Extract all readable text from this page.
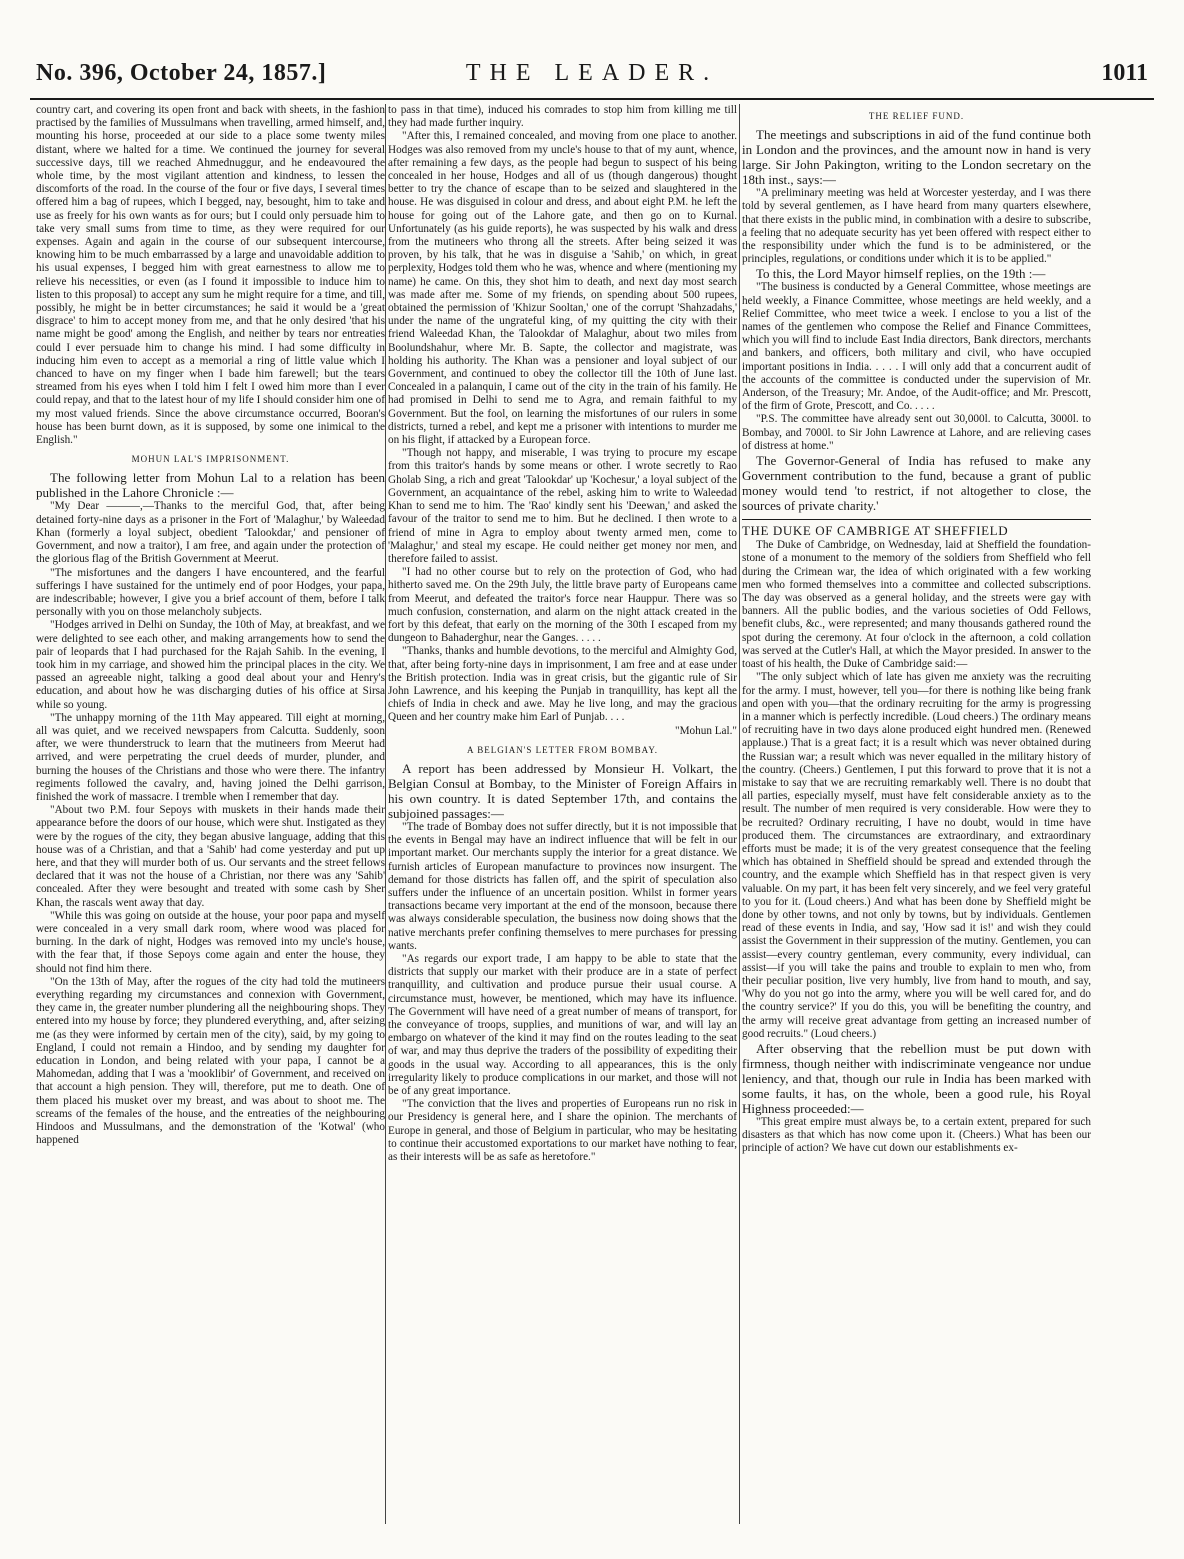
No. 396, October 24, 1857.]	THE LEADER.	1011

country cart, and covering its open front and back with sheets, in the fashion practised by the families of Mussulmans when travelling, armed himself, and, mounting his horse, proceeded at our side to a place some twenty miles distant, where we halted for a time. We continued the journey for several successive days, till we reached Ahmednuggur, and he endeavoured the whole time, by the most vigilant attention and kindness, to lessen the discomforts of the road. In the course of the four or five days, I several times offered him a bag of rupees, which I begged, nay, besought, him to take and use as freely for his own wants as for ours; but I could only persuade him to take very small sums from time to time, as they were required for our expenses. Again and again in the course of our subsequent intercourse, knowing him to be much embarrassed by a large and unavoidable addition to his usual expenses, I begged him with great earnestness to allow me to relieve his necessities, or even (as I found it impossible to induce him to listen to this proposal) to accept any sum he might require for a time, and till, possibly, he might be in better circumstances; he said it would be a 'great disgrace' to him to accept money from me, and that he only desired 'that his name might be good' among the English, and neither by tears nor entreaties could I ever persuade him to change his mind. I had some difficulty in inducing him even to accept as a memorial a ring of little value which I chanced to have on my finger when I bade him farewell; but the tears streamed from his eyes when I told him I felt I owed him more than I ever could repay, and that to the latest hour of my life I should consider him one of my most valued friends. Since the above circumstance occurred, Booran's house has been burnt down, as it is supposed, by some one inimical to the English."

MOHUN LAL'S IMPRISONMENT.

The following letter from Mohun Lal to a relation has been published in the Lahore Chronicle :—

"My Dear ———,—Thanks to the merciful God, that, after being detained forty-nine days as a prisoner in the Fort of 'Malaghur,' by Waleedad Khan (formerly a loyal subject, obedient 'Talookdar,' and pensioner of Government, and now a traitor), I am free, and again under the protection of the glorious flag of the British Government at Meerut.

"The misfortunes and the dangers I have encountered, and the fearful sufferings I have sustained for the untimely end of poor Hodges, your papa, are indescribable; however, I give you a brief account of them, before I talk personally with you on those melancholy subjects.

"Hodges arrived in Delhi on Sunday, the 10th of May, at breakfast, and we were delighted to see each other, and making arrangements how to send the pair of leopards that I had purchased for the Rajah Sahib. In the evening, I took him in my carriage, and showed him the principal places in the city. We passed an agreeable night, talking a good deal about your and Henry's education, and about how he was discharging duties of his office at Sirsa while so young.

"The unhappy morning of the 11th May appeared. Till eight at morning, all was quiet, and we received newspapers from Calcutta. Suddenly, soon after, we were thunderstruck to learn that the mutineers from Meerut had arrived, and were perpetrating the cruel deeds of murder, plunder, and burning the houses of the Christians and those who were there. The infantry regiments followed the cavalry, and, having joined the Delhi garrison, finished the work of massacre. I tremble when I remember that day.

"About two P.M. four Sepoys with muskets in their hands made their appearance before the doors of our house, which were shut. Instigated as they were by the rogues of the city, they began abusive language, adding that this house was of a Christian, and that a 'Sahib' had come yesterday and put up here, and that they will murder both of us. Our servants and the street fellows declared that it was not the house of a Christian, nor there was any 'Sahib' concealed. After they were besought and treated with some cash by Sher Khan, the rascals went away that day.

"While this was going on outside at the house, your poor papa and myself were concealed in a very small dark room, where wood was placed for burning. In the dark of night, Hodges was removed into my uncle's house, with the fear that, if those Sepoys come again and enter the house, they should not find him there.

"On the 13th of May, after the rogues of the city had told the mutineers everything regarding my circumstances and connexion with Government, they came in, the greater number plundering all the neighbouring shops. They entered into my house by force; they plundered everything, and, after seizing me (as they were informed by certain men of the city), said, by my going to England, I could not remain a Hindoo, and by sending my daughter for education in London, and being related with your papa, I cannot be a Mahomedan, adding that I was a 'mooklibir' of Government, and received on that account a high pension. They will, therefore, put me to death. One of them placed his musket over my breast, and was about to shoot me. The screams of the females of the house, and the entreaties of the neighbouring Hindoos and Mussulmans, and the demonstration of the 'Kotwal' (who happened

to pass in that time), induced his comrades to stop him from killing me till they had made further inquiry.

"After this, I remained concealed, and moving from one place to another. Hodges was also removed from my uncle's house to that of my aunt, whence, after remaining a few days, as the people had begun to suspect of his being concealed in her house, Hodges and all of us (though dangerous) thought better to try the chance of escape than to be seized and slaughtered in the house. He was disguised in colour and dress, and about eight P.M. he left the house for going out of the Lahore gate, and then go on to Kurnal. Unfortunately (as his guide reports), he was suspected by his walk and dress from the mutineers who throng all the streets. After being seized it was proven, by his talk, that he was in disguise a 'Sahib,' on which, in great perplexity, Hodges told them who he was, whence and where (mentioning my name) he came. On this, they shot him to death, and next day most search was made after me. Some of my friends, on spending about 500 rupees, obtained the permission of 'Khizur Sooltan,' one of the corrupt 'Shahzadahs,' under the name of the ungrateful king, of my quitting the city with their friend Waleedad Khan, the Talookdar of Malaghur, about two miles from Boolundshahur, where Mr. B. Sapte, the collector and magistrate, was holding his authority. The Khan was a pensioner and loyal subject of our Government, and continued to obey the collector till the 10th of June last. Concealed in a palanquin, I came out of the city in the train of his family. He had promised in Delhi to send me to Agra, and remain faithful to my Government. But the fool, on learning the misfortunes of our rulers in some districts, turned a rebel, and kept me a prisoner with intentions to murder me on his flight, if attacked by a European force.

"Though not happy, and miserable, I was trying to procure my escape from this traitor's hands by some means or other. I wrote secretly to Rao Gholab Sing, a rich and great 'Talookdar' up 'Kochesur,' a loyal subject of the Government, an acquaintance of the rebel, asking him to write to Waleedad Khan to send me to him. The 'Rao' kindly sent his 'Deewan,' and asked the favour of the traitor to send me to him. But he declined. I then wrote to a friend of mine in Agra to employ about twenty armed men, come to 'Malaghur,' and steal my escape. He could neither get money nor men, and therefore failed to assist.

"I had no other course but to rely on the protection of God, who had hitherto saved me. On the 29th July, the little brave party of Europeans came from Meerut, and defeated the traitor's force near Hauppur. There was so much confusion, consternation, and alarm on the night attack created in the fort by this defeat, that early on the morning of the 30th I escaped from my dungeon to Bahaderghur, near the Ganges. . . . .

"Thanks, thanks and humble devotions, to the merciful and Almighty God, that, after being forty-nine days in imprisonment, I am free and at ease under the British protection. India was in great crisis, but the gigantic rule of Sir John Lawrence, and his keeping the Punjab in tranquillity, has kept all the chiefs of India in check and awe. May he live long, and may the gracious Queen and her country make him Earl of Punjab. . . .

"Mohun Lal."

A BELGIAN'S LETTER FROM BOMBAY.

A report has been addressed by Monsieur H. Volkart, the Belgian Consul at Bombay, to the Minister of Foreign Affairs in his own country. It is dated September 17th, and contains the subjoined passages:—

"The trade of Bombay does not suffer directly, but it is not impossible that the events in Bengal may have an indirect influence that will be felt in our important market. Our merchants supply the interior for a great distance. We furnish articles of European manufacture to provinces now insurgent. The demand for those districts has fallen off, and the spirit of speculation also suffers under the influence of an uncertain position. Whilst in former years transactions became very important at the end of the monsoon, because there was always considerable speculation, the business now doing shows that the native merchants prefer confining themselves to mere purchases for pressing wants.

"As regards our export trade, I am happy to be able to state that the districts that supply our market with their produce are in a state of perfect tranquillity, and cultivation and produce pursue their usual course. A circumstance must, however, be mentioned, which may have its influence. The Government will have need of a great number of means of transport, for the conveyance of troops, supplies, and munitions of war, and will lay an embargo on whatever of the kind it may find on the routes leading to the seat of war, and may thus deprive the traders of the possibility of expediting their goods in the usual way. According to all appearances, this is the only irregularity likely to produce complications in our market, and those will not be of any great importance.

"The conviction that the lives and properties of Europeans run no risk in our Presidency is general here, and I share the opinion. The merchants of Europe in general, and those of Belgium in particular, who may be hesitating to continue their accustomed exportations to our market have nothing to fear, as their interests will be as safe as heretofore."

THE RELIEF FUND.

The meetings and subscriptions in aid of the fund continue both in London and the provinces, and the amount now in hand is very large. Sir John Pakington, writing to the London secretary on the 18th inst., says:—

"A preliminary meeting was held at Worcester yesterday, and I was there told by several gentlemen, as I have heard from many quarters elsewhere, that there exists in the public mind, in combination with a desire to subscribe, a feeling that no adequate security has yet been offered with respect either to the responsibility under which the fund is to be administered, or the principles, regulations, or conditions under which it is to be applied."

To this, the Lord Mayor himself replies, on the 19th :—

"The business is conducted by a General Committee, whose meetings are held weekly, a Finance Committee, whose meetings are held weekly, and a Relief Committee, who meet twice a week. I enclose to you a list of the names of the gentlemen who compose the Relief and Finance Committees, which you will find to include East India directors, Bank directors, merchants and bankers, and officers, both military and civil, who have occupied important positions in India. . . . . I will only add that a concurrent audit of the accounts of the committee is conducted under the supervision of Mr. Anderson, of the Treasury; Mr. Andoe, of the Audit-office; and Mr. Prescott, of the firm of Grote, Prescott, and Co. . . . .

"P.S. The committee have already sent out 30,000l. to Calcutta, 3000l. to Bombay, and 7000l. to Sir John Lawrence at Lahore, and are relieving cases of distress at home."

The Governor-General of India has refused to make any Government contribution to the fund, because a grant of public money would tend 'to restrict, if not altogether to close, the sources of private charity.'

THE DUKE OF CAMBRIGE AT SHEFFIELD

The Duke of Cambridge, on Wednesday, laid at Sheffield the foundation-stone of a monument to the memory of the soldiers from Sheffield who fell during the Crimean war, the idea of which originated with a few working men who formed themselves into a committee and collected subscriptions. The day was observed as a general holiday, and the streets were gay with banners. All the public bodies, and the various societies of Odd Fellows, benefit clubs, &c., were represented; and many thousands gathered round the spot during the ceremony. At four o'clock in the afternoon, a cold collation was served at the Cutler's Hall, at which the Mayor presided. In answer to the toast of his health, the Duke of Cambridge said:—

"The only subject which of late has given me anxiety was the recruiting for the army. I must, however, tell you—for there is nothing like being frank and open with you—that the ordinary recruiting for the army is progressing in a manner which is perfectly incredible. (Loud cheers.) The ordinary means of recruiting have in two days alone produced eight hundred men. (Renewed applause.) That is a great fact; it is a result which was never obtained during the Russian war; a result which was never equalled in the military history of the country. (Cheers.) Gentlemen, I put this forward to prove that it is not a mistake to say that we are recruiting remarkably well. There is no doubt that all parties, especially myself, must have felt considerable anxiety as to the result. The number of men required is very considerable. How were they to be recruited? Ordinary recruiting, I have no doubt, would in time have produced them. The circumstances are extraordinary, and extraordinary efforts must be made; it is of the very greatest consequence that the feeling which has obtained in Sheffield should be spread and extended through the country, and the example which Sheffield has in that respect given is very valuable. On my part, it has been felt very sincerely, and we feel very grateful to you for it. (Loud cheers.) And what has been done by Sheffield might be done by other towns, and not only by towns, but by individuals. Gentlemen read of these events in India, and say, 'How sad it is!' and wish they could assist the Government in their suppression of the mutiny. Gentlemen, you can assist—every country gentleman, every community, every individual, can assist—if you will take the pains and trouble to explain to men who, from their peculiar position, live very humbly, live from hand to mouth, and say, 'Why do you not go into the army, where you will be well cared for, and do the country service?' If you do this, you will be benefiting the country, and the army will receive great advantage from getting an increased number of good recruits." (Loud cheers.)

After observing that the rebellion must be put down with firmness, though neither with indiscriminate vengeance nor undue leniency, and that, though our rule in India has been marked with some faults, it has, on the whole, been a good rule, his Royal Highness proceeded:—

"This great empire must always be, to a certain extent, prepared for such disasters as that which has now come upon it. (Cheers.) What has been our principle of action? We have cut down our establishments ex-
